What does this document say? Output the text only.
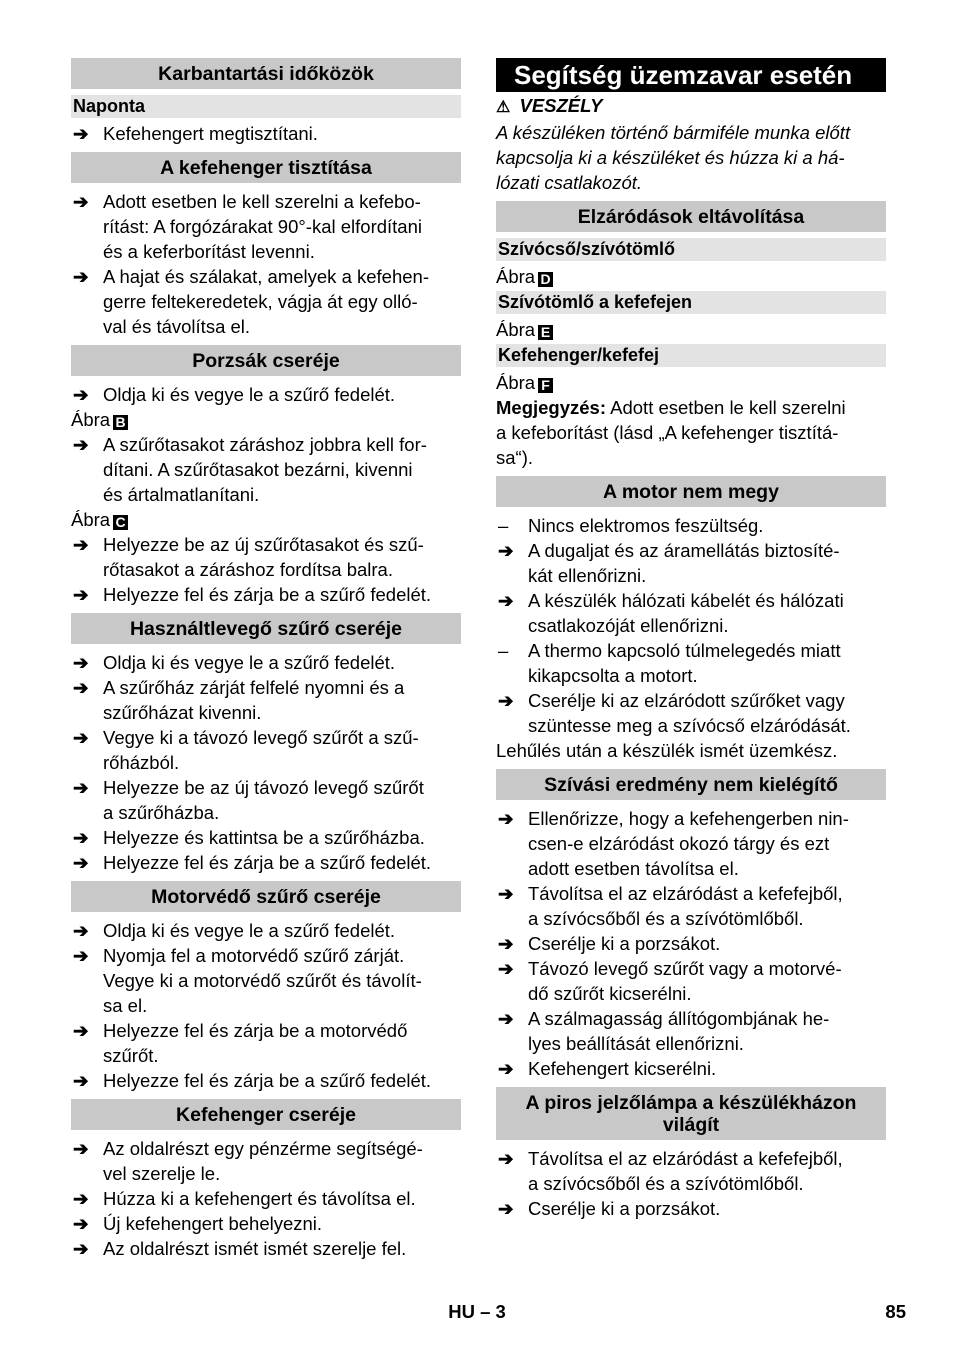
Karbantartási időközök
Naponta
➔ Kefehengert megtisztítani.
A kefehenger tisztítása
➔ Adott esetben le kell szerelni a kefebo-
rítást: A forgózárakat 90°-kal elfordítani
és a keferborítást levenni.
➔ A hajat és szálakat, amelyek a kefehen-
gerre feltekeredetek, vágja át egy olló-
val és távolítsa el.
Porzsák cseréje
➔ Oldja ki és vegye le a szűrő fedelét.
Ábra B
➔ A szűrőtasakot záráshoz jobbra kell for-
dítani. A szűrőtasakot bezárni, kivenni
és ártalmatlanítani.
Ábra C
➔ Helyezze be az új szűrőtasakot és szű-
rőtasakot a záráshoz fordítsa balra.
➔ Helyezze fel és zárja be a szűrő fedelét.
Használtlevegő szűrő cseréje
➔ Oldja ki és vegye le a szűrő fedelét.
➔ A szűrőház zárját felfelé nyomni és a
szűrőházat kivenni.
➔ Vegye ki a távozó levegő szűrőt a szű-
rőházból.
➔ Helyezze be az új távozó levegő szűrőt
a szűrőházba.
➔ Helyezze és kattintsa be a szűrőházba.
➔ Helyezze fel és zárja be a szűrő fedelét.
Motorvédő szűrő cseréje
➔ Oldja ki és vegye le a szűrő fedelét.
➔ Nyomja fel a motorvédő szűrő zárját.
Vegye ki a motorvédő szűrőt és távolít-
sa el.
➔ Helyezze fel és zárja be a motorvédő
szűrőt.
➔ Helyezze fel és zárja be a szűrő fedelét.
Kefehenger cseréje
➔ Az oldalrészt egy pénzérme segítségé-
vel szerelje le.
➔ Húzza ki a kefehengert és távolítsa el.
➔ Új kefehengert behelyezni.
➔ Az oldalrészt ismét ismét szerelje fel.
Segítség üzemzavar esetén
⚠ VESZÉLY
A készüléken történő bármiféle munka előtt
kapcsolja ki a készüléket és húzza ki a há-
lózati csatlakozót.
Elzáródások eltávolítása
Szívócső/szívótömlő
Ábra D
Szívótömlő a kefefejen
Ábra E
Kefehenger/kefefej
Ábra F
Megjegyzés: Adott esetben le kell szerelni
a kefeborítást (lásd „A kefehenger tisztítá-
sa“).
A motor nem megy
–	Nincs elektromos feszültség.
➔ A dugaljat és az áramellátás biztosíté-
kát ellenőrizni.
➔ A készülék hálózati kábelét és hálózati
csatlakozóját ellenőrizni.
–	A thermo kapcsoló túlmelegedés miatt
kikapcsolta a motort.
➔ Cserélje ki az elzáródott szűrőket vagy
szüntesse meg a szívócső elzáródását.
Lehűlés után a készülék ismét üzemkész.
Szívási eredmény nem kielégítő
➔ Ellenőrizze, hogy a kefehengerben nin-
csen-e elzáródást okozó tárgy és ezt
adott esetben távolítsa el.
➔ Távolítsa el az elzáródást a kefefejből,
a szívócsőből és a szívótömlőből.
➔ Cserélje ki a porzsákot.
➔ Távozó levegő szűrőt vagy a motorvé-
dő szűrőt kicserélni.
➔ A szálmagasság állítógombjának he-
lyes beállítását ellenőrizni.
➔ Kefehengert kicserélni.
A piros jelzőlámpa a készülékházon
világít
➔ Távolítsa el az elzáródást a kefefejből,
a szívócsőből és a szívótömlőből.
➔ Cserélje ki a porzsákot.
HU – 3	85
